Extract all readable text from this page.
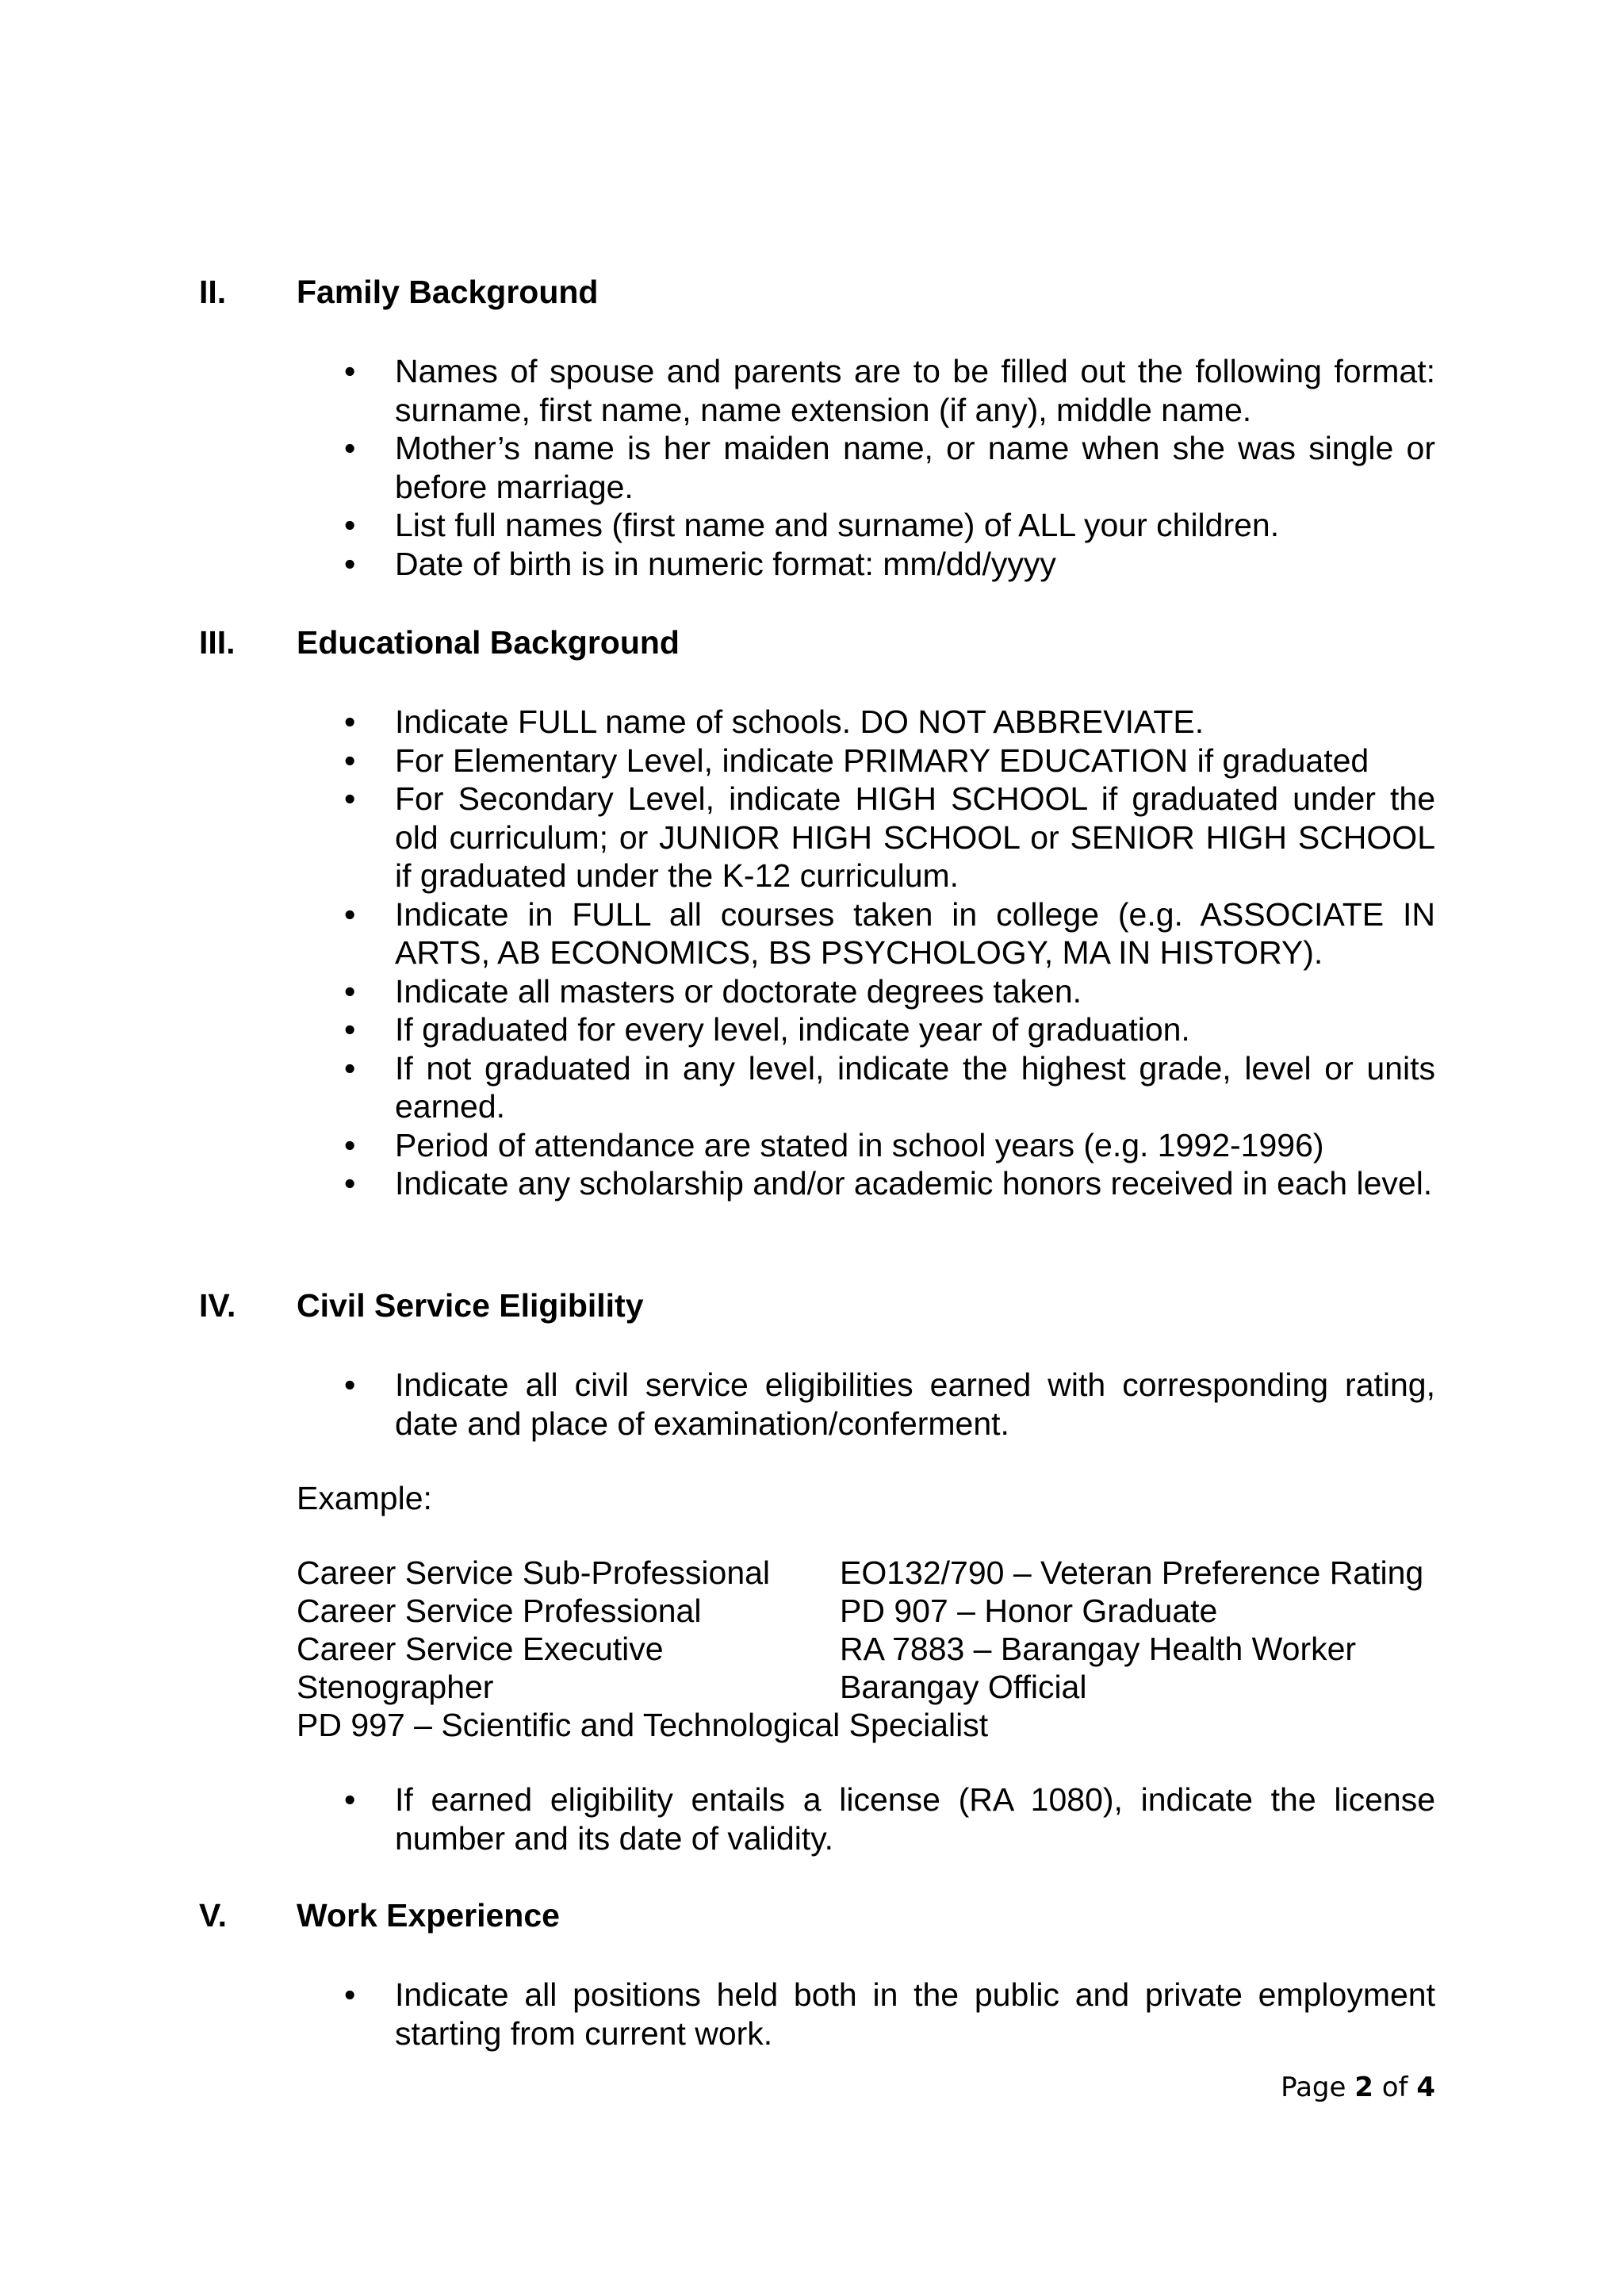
II. Family Background
• Names of spouse and parents are to be filled out the following format: surname, first name, name extension (if any), middle name.
• Mother’s name is her maiden name, or name when she was single or before marriage.
• List full names (first name and surname) of ALL your children.
• Date of birth is in numeric format: mm/dd/yyyy
III. Educational Background
• Indicate FULL name of schools. DO NOT ABBREVIATE.
• For Elementary Level, indicate PRIMARY EDUCATION if graduated
• For Secondary Level, indicate HIGH SCHOOL if graduated under the old curriculum; or JUNIOR HIGH SCHOOL or SENIOR HIGH SCHOOL if graduated under the K-12 curriculum.
• Indicate in FULL all courses taken in college (e.g. ASSOCIATE IN ARTS, AB ECONOMICS, BS PSYCHOLOGY, MA IN HISTORY).
• Indicate all masters or doctorate degrees taken.
• If graduated for every level, indicate year of graduation.
• If not graduated in any level, indicate the highest grade, level or units earned.
• Period of attendance are stated in school years (e.g. 1992-1996)
• Indicate any scholarship and/or academic honors received in each level.
IV. Civil Service Eligibility
• Indicate all civil service eligibilities earned with corresponding rating, date and place of examination/conferment.
Example:
Career Service Sub-Professional
Career Service Professional
Career Service Executive
Stenographer
EO132/790 – Veteran Preference Rating
PD 907 – Honor Graduate
RA 7883 – Barangay Health Worker
Barangay Official
PD 997 – Scientific and Technological Specialist
• If earned eligibility entails a license (RA 1080), indicate the license number and its date of validity.
V. Work Experience
• Indicate all positions held both in the public and private employment starting from current work.
Page 2 of 4
